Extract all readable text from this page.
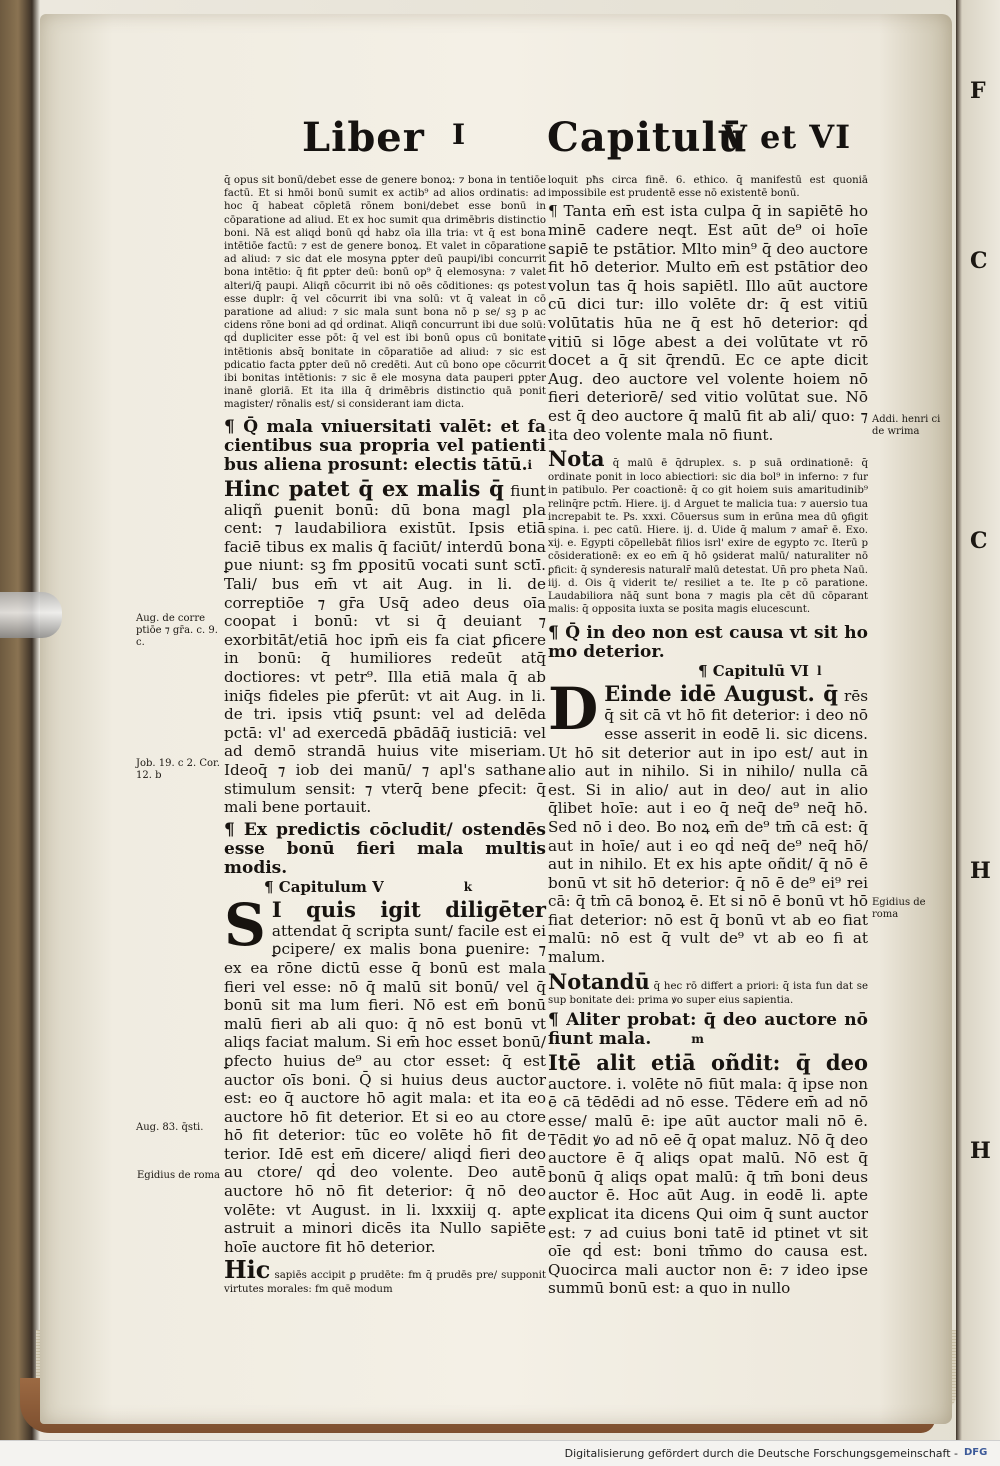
F
C
C
H
H
Liber I Capitulū
V et VI
Aug. de corre ptiōe ⁊ gr̄a. c. 9. c.
Job. 19. c 2. Cor. 12. b
Aug. 83. q̄sti.
Egidius de roma
Addi. henri ci de wrima
Egidius de roma

q̄ opus sit bonū/debet esse de genere bonoꝝ: ⁊ bona in tentiōe factū. Et si hmōi bonū sumit ex actib⁹ ad alios ordinatis: ad hoc q̄ habeat cōpletā rōnem boni/debet esse bonū in cōparatione ad aliud. Et ex hoc sumit qua drimēbris distinctio boni. Nā est aliqḋ bonū qḋ habz oīa illa tria: vt q̄ est bona intētiōe factū: ⁊ est de genere bonoꝝ. Et valet in cōparatione ad aliud: ⁊ sic dat ele mosyna ꝑpter deū paupi/ibi concurrit bona intētio: q̄ fit ꝑpter deū: bonū op⁹ q̄ elemosyna: ⁊ valet alteri/q̄ paupi. Aliqñ cōcurrit ibi nō oēs cōditiones: qs potest esse duplr: q̄ vel cōcurrit ibi vna solū: vt q̄ valeat in cō paratione ad aliud: ⁊ sic mala sunt bona nō p se/ sꝫ p ac cidens rōne boni ad qḋ ordinat. Aliqñ concurrunt ibi due solū: qḋ dupliciter esse pōt: q̄ vel est ibi bonū opus cū bonitate intētionis absq̄ bonitate in cōparatiōe ad aliud: ⁊ sic est pdicatio facta ꝑpter deū nō credēti. Aut cū bono ope cōcurrit ibi bonitas intētionis: ⁊ sic ē ele mosyna data pauperi ꝑpter inanē gloriā. Et ita illa q̄ drimēbris distinctio quā ponit magister/ rōnalis est/ si considerant iam dicta.

¶ Q̄ mala vniuersitati valēt: et fa cientibus sua propria vel patienti bus aliena prosunt: electis tātū. i

Hinc patet q̄ ex malis q̄ fiunt aliqñ ꝑuenit bonū: dū bona magl pla cent: ⁊ laudabiliora existūt. Ipsis etiā faciē tibus ex malis q̄ faciūt/ interdū bona ꝑue niunt: sꝫ fm ꝑpositū vocati sunt sctī. Tali/ bus em̄ vt ait Aug. in li. de correptiōe ⁊ gr̄a Usq̄ adeo deus oīa coopat i bonū: vt si q̄ deuiant ⁊ exorbitāt/etiā hoc ipm̄ eis fa ciat ꝑficere in bonū: q̄ humiliores redeūt atq̄ doctiores: vt petr⁹. Illa etiā mala q̄ ab iniq̄s fideles pie ꝑferūt: vt ait Aug. in li. de tri. ipsis vtiq̄ ꝑsunt: vel ad delēda pctā: vl' ad exercedā ꝑbādāq̄ iusticiā: vel ad demō strandā huius vite miseriam. Ideoq̄ ⁊ iob dei manū/ ⁊ apl's sathane stimulum sensit: ⁊ vterq̄ bene ꝑfecit: q̄ mali bene portauit.

¶ Ex predictis cōcludit/ ostendēs esse bonū fieri mala multis modis.

¶ Capitulum V	k

S I quis igit diligēter attendat q̄ scripta sunt/ facile est ei ꝑcipere/ ex malis bona ꝑuenire: ⁊ ex ea rōne dictū esse q̄ bonū est mala fieri vel esse: nō q̄ malū sit bonū/ vel q̄ bonū sit ma lum fieri. Nō est em̄ bonū malū fieri ab ali quo: q̄ nō est bonū vt aliqs faciat malum. Si em̄ hoc esset bonū/ ꝑfecto huius de⁹ au ctor esset: q̄ est auctor oīs boni. Q̄ si huius deus auctor est: eo q̄ auctore hō agit mala: et ita eo auctore hō fit deterior. Et si eo au ctore hō fit deterior: tūc eo volēte hō fit de terior. Idē est em̄ dicere/ aliqḋ fieri deo au ctore/ qḋ deo volente. Deo autē auctore hō nō fit deterior: q̄ nō deo volēte: vt August. in li. lxxxiij q. apte astruit a minori dicēs ita Nullo sapiēte hoīe auctore fit hō deterior.

Hic sapiēs accipit ꝑ prudēte: fm q̄ prudēs pre/ supponit virtutes morales: fm quē modum

loquit pħs circa finē. 6. ethico. q̄ manifestū est quoniā impossibile est prudentē esse nō existentē bonū.

¶ Tanta em̄ est ista culpa q̄ in sapiētē ho minē cadere neqt. Est aūt de⁹ oi hoīe sapiē te pstātior. Mlto min⁹ q̄ deo auctore fit hō deterior. Multo em̄ est pstātior deo volun tas q̄ hois sapiētl. Illo aūt auctore cū dici tur: illo volēte dr: q̄ est vitiū volūtatis hūa ne q̄ est hō deterior: qḋ vitiū si lōge abest a dei volūtate vt rō docet a q̄ sit q̄rendū. Ec ce apte dicit Aug. deo auctore vel volente hoiem nō fieri deteriorē/ sed vitio volūtat sue. Nō est q̄ deo auctore q̄ malū fit ab ali/ quo: ⁊ ita deo volente mala nō fiunt.

Nota q̄ malū ē q̄druplex. s. p suā ordinationē: q̄ ordinate ponit in loco abiectiori: sic dia bol⁹ in inferno: ⁊ fur in patibulo. Per coactionē: q̄ co git hoiem suis amaritudinib⁹ relinq̄re pctm̄. Hiere. ij. d Arguet te malicia tua: ⁊ auersio tua increpabit te. Ps. xxxi. Cōuersus sum in erūna mea dū ꝯfigit spina. i. pec catū. Hiere. ij. d. Uide q̄ malum ⁊ amar̄ ē. Exo. xij. e. Egypti cōpellebāt filios isrl' exire de egypto ⁊c. Iterū p cōsiderationē: ex eo em̄ q̄ hō ꝯsiderat malū/ naturaliter nō ꝑficit: q̄ synderesis naturalr̄ malū detestat. Un̄ pro pheta Naū. iij. d. Ois q̄ viderit te/ resiliet a te. Ite p cō paratione. Laudabiliora nāq̄ sunt bona ⁊ magis pla cēt dū cōparant malis: q̄ opposita iuxta se posita magis elucescunt.

¶ Q̄ in deo non est causa vt sit ho mo deterior.

¶ Capitulū VI l

D Einde idē August. q̄ rēs q̄ sit cā vt hō fit deterior: i deo nō esse asserit in eodē li. sic dicens. Ut hō sit deterior aut in ipo est/ aut in alio aut in nihilo. Si in nihilo/ nulla cā est. Si in alio/ aut in deo/ aut in alio q̄libet hoīe: aut i eo q̄ neq̄ de⁹ neq̄ hō. Sed nō i deo. Bo noꝝ em̄ de⁹ tm̄ cā est: q̄ aut in hoīe/ aut i eo qḋ neq̄ de⁹ neq̄ hō/ aut in nihilo. Et ex his apte oñdit/ q̄ nō ē bonū vt sit hō deterior: q̄ nō ē de⁹ ei⁹ rei cā: q̄ tm̄ cā bonoꝝ ē. Et si nō ē bonū vt hō fiat deterior: nō est q̄ bonū vt ab eo fiat malū: nō est q̄ vult de⁹ vt ab eo fi at malum.

Notandū q̄ hec rō differt a priori: q̄ ista fun dat se sup bonitate dei: prima ꝟo super eius sapientia.

¶ Aliter probat: q̄ deo auctore nō fiunt mala.	m

Itē alit etiā oñdit: q̄ deo auctore. i. volēte nō fiūt mala: q̄ ipse non ē cā tēdēdi ad nō esse. Tēdere em̄ ad nō esse/ malū ē: ipe aūt auctor mali nō ē. Tēdit ꝟo ad nō eē q̄ opat maluz. Nō q̄ deo auctore ē q̄ aliqs opat malū. Nō est q̄ bonū q̄ aliqs opat malū: q̄ tm̄ boni deus auctor ē. Hoc aūt Aug. in eodē li. apte explicat ita dicens Qui oim q̄ sunt auctor est: ⁊ ad cuius boni tatē id ptinet vt sit oīe qḋ est: boni tm̄mo do causa est. Quocirca mali auctor non ē: ⁊ ideo ipse summū bonū est: a quo in nullo

Digitalisierung gefördert durch die Deutsche Forschungsgemeinschaft - DFG
